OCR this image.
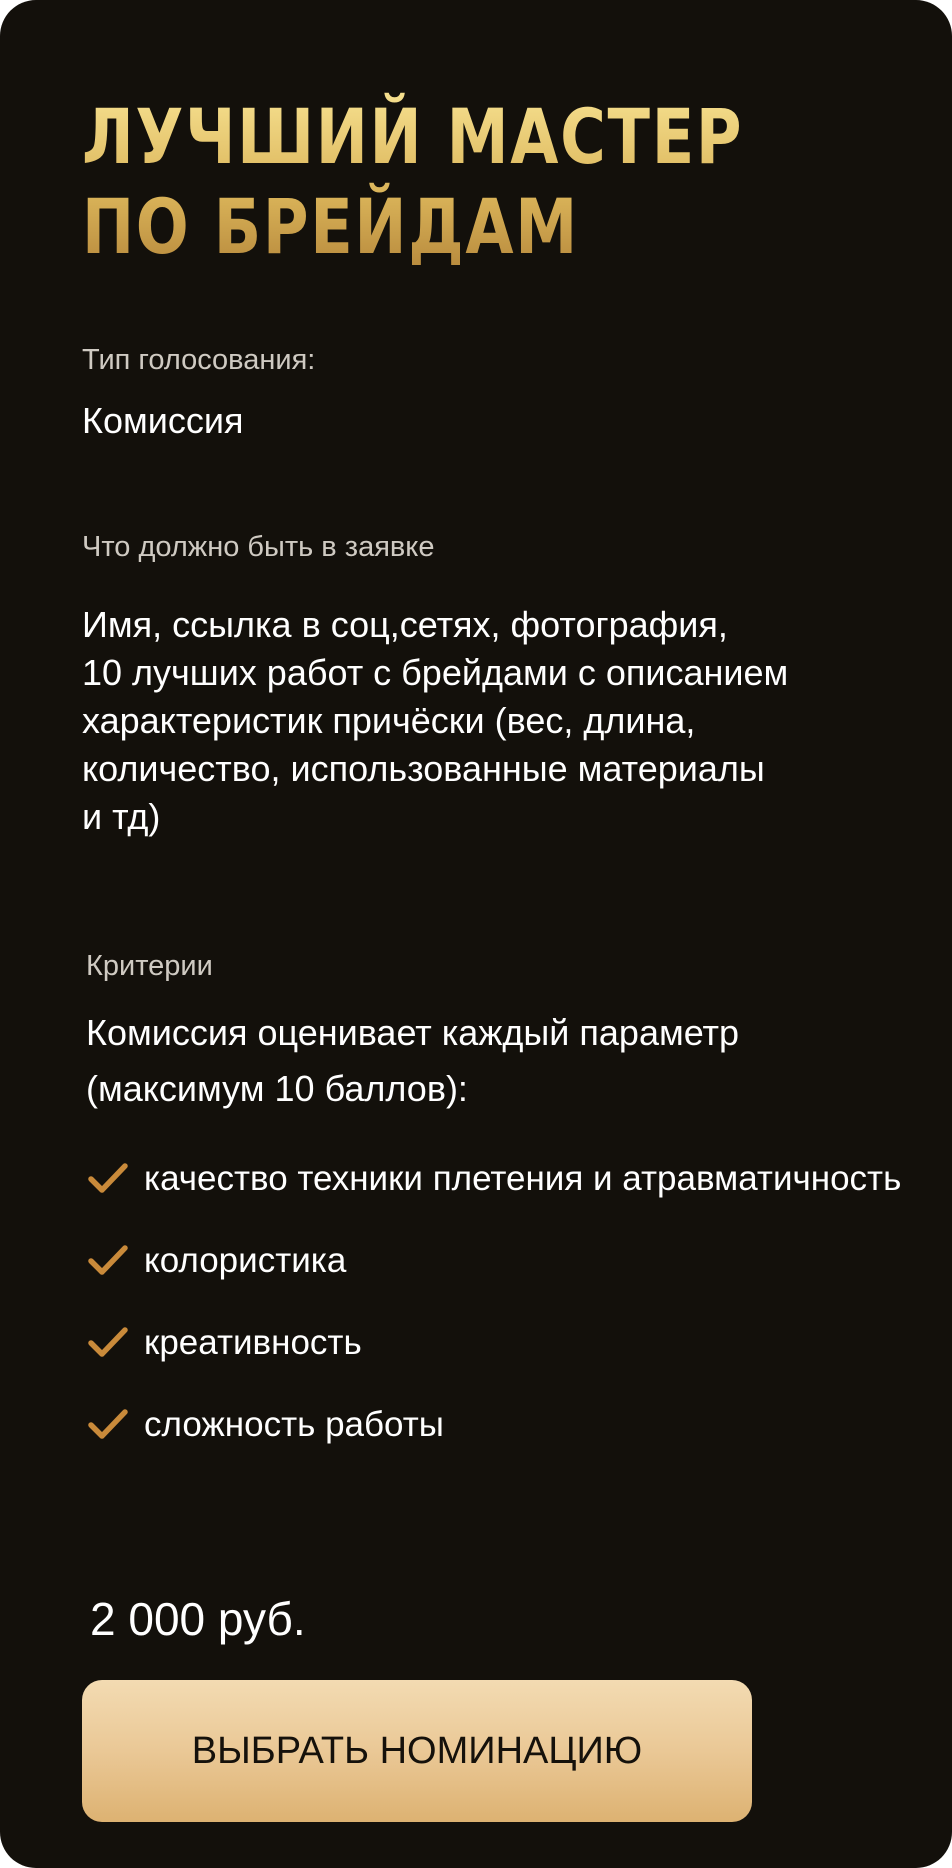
ЛУЧШИЙ МАСТЕР
ПО БРЕЙДАМ

Тип голосования:

Комиссия

Что должно быть в заявке

Имя, ссылка в соц,сетях, фотография,
10 лучших работ с брейдами с описанием
характеристик причёски (вес, длина,
количество, использованные материалы
и тд)

Критерии

Комиссия оценивает каждый параметр
(максимум 10 баллов):

качество техники плетения и атравматичность
колористика
креативность
сложность работы

2 000 руб.

ВЫБРАТЬ НОМИНАЦИЮ
